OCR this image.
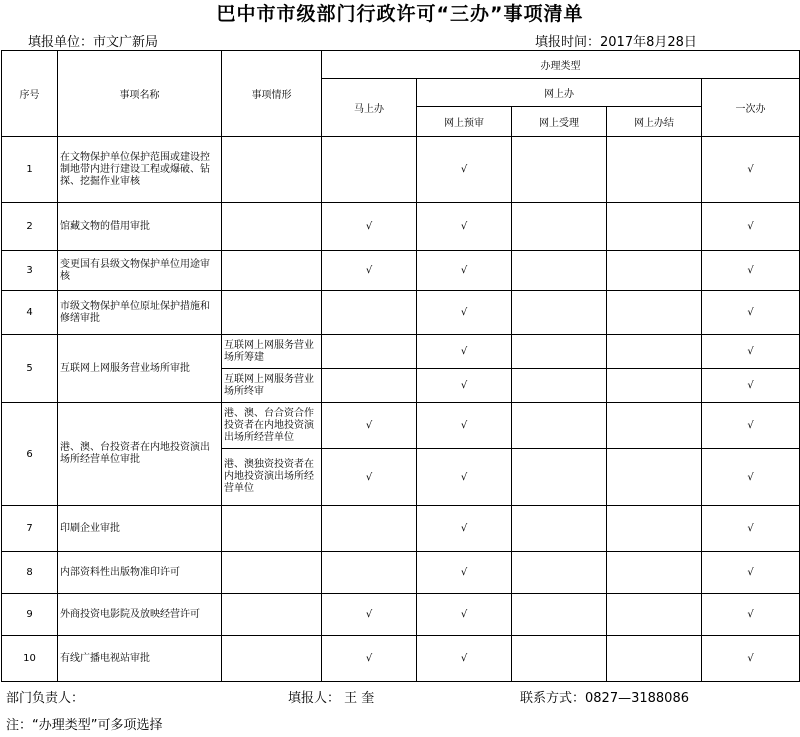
巴中市市级部门行政许可“三办”事项清单
填报单位：市文广新局	填报时间：2017年8月28日
序号	事项名称	事项情形	办理类型				
			马上办	网上办			一次办
				网上预审	网上受理	网上办结	
1	在文物保护单位保护范围或建设控制地带内进行建设工程或爆破、钻探、挖掘作业审核			√			√
2	馆藏文物的借用审批		√	√			√
3	变更国有县级文物保护单位用途审核		√	√			√
4	市级文物保护单位原址保护措施和修缮审批			√			√
5	互联网上网服务营业场所审批	互联网上网服务营业场所筹建		√			√
		互联网上网服务营业场所终审		√			√
6	港、澳、台投资者在内地投资演出场所经营单位审批	港、澳、台合资合作投资者在内地投资演出场所经营单位	√	√			√
		港、澳独资投资者在内地投资演出场所经营单位	√	√			√
7	印刷企业审批			√			√
8	内部资料性出版物准印许可			√			√
9	外商投资电影院及放映经营许可		√	√			√
10	有线广播电视站审批		√	√			√
部门负责人：	填报人： 王 奎	联系方式：0827—3188086
注：“办理类型”可多项选择
